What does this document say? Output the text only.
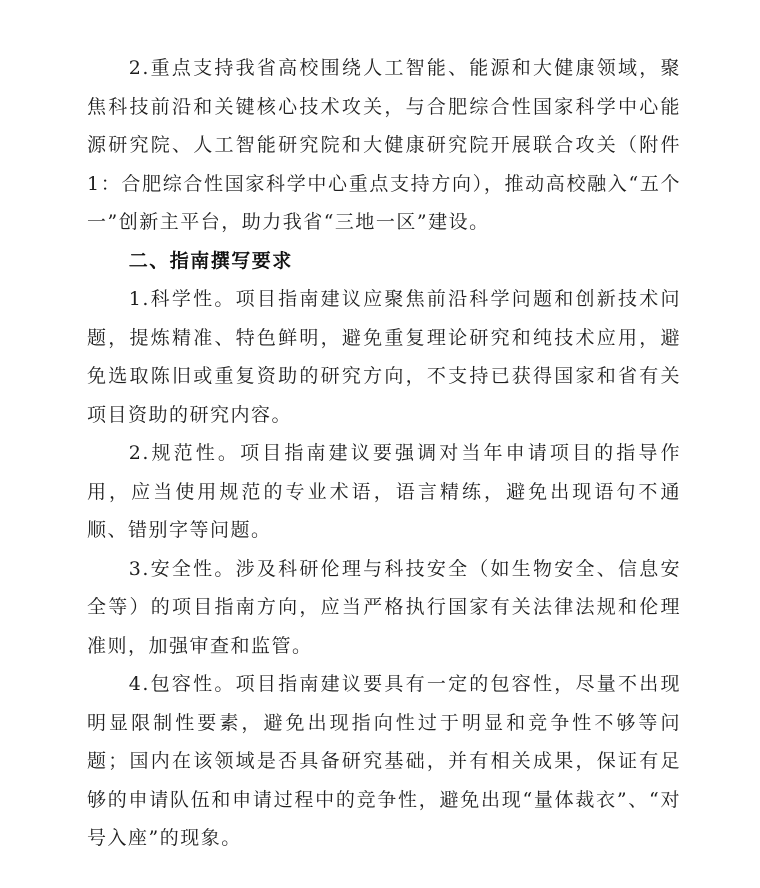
2.重点支持我省高校围绕人工智能、能源和大健康领域，聚焦科技前沿和关键核心技术攻关，与合肥综合性国家科学中心能源研究院、人工智能研究院和大健康研究院开展联合攻关（附件1：合肥综合性国家科学中心重点支持方向），推动高校融入“五个一”创新主平台，助力我省“三地一区”建设。

二、指南撰写要求

1.科学性。项目指南建议应聚焦前沿科学问题和创新技术问题，提炼精准、特色鲜明，避免重复理论研究和纯技术应用，避免选取陈旧或重复资助的研究方向，不支持已获得国家和省有关项目资助的研究内容。

2.规范性。项目指南建议要强调对当年申请项目的指导作用，应当使用规范的专业术语，语言精练，避免出现语句不通顺、错别字等问题。

3.安全性。涉及科研伦理与科技安全（如生物安全、信息安全等）的项目指南方向，应当严格执行国家有关法律法规和伦理准则，加强审查和监管。

4.包容性。项目指南建议要具有一定的包容性，尽量不出现明显限制性要素，避免出现指向性过于明显和竞争性不够等问题；国内在该领域是否具备研究基础，并有相关成果，保证有足够的申请队伍和申请过程中的竞争性，避免出现“量体裁衣”、“对号入座”的现象。
